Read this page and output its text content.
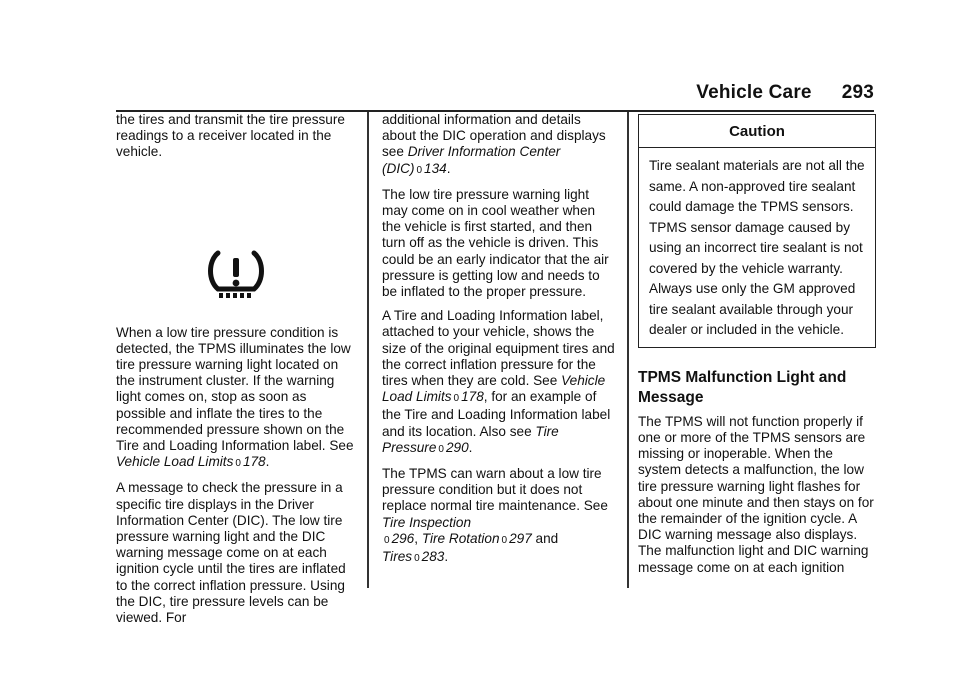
Vehicle Care 293

the tires and transmit the tire pressure readings to a receiver located in the vehicle.

When a low tire pressure condition is detected, the TPMS illuminates the low tire pressure warning light located on the instrument cluster. If the warning light comes on, stop as soon as possible and inflate the tires to the recommended pressure shown on the Tire and Loading Information label. See Vehicle Load Limits 0 178.

A message to check the pressure in a specific tire displays in the Driver Information Center (DIC). The low tire pressure warning light and the DIC warning message come on at each ignition cycle until the tires are inflated to the correct inflation pressure. Using the DIC, tire pressure levels can be viewed. For

additional information and details about the DIC operation and displays see Driver Information Center (DIC) 0 134.

The low tire pressure warning light may come on in cool weather when the vehicle is first started, and then turn off as the vehicle is driven. This could be an early indicator that the air pressure is getting low and needs to be inflated to the proper pressure.

A Tire and Loading Information label, attached to your vehicle, shows the size of the original equipment tires and the correct inflation pressure for the tires when they are cold. See Vehicle Load Limits 0 178, for an example of the Tire and Loading Information label and its location. Also see Tire Pressure 0 290.

The TPMS can warn about a low tire pressure condition but it does not replace normal tire maintenance. See Tire Inspection
0 296, Tire Rotation 0 297 and Tires 0 283.

Caution
Tire sealant materials are not all the same. A non-approved tire sealant could damage the TPMS sensors. TPMS sensor damage caused by using an incorrect tire sealant is not covered by the vehicle warranty. Always use only the GM approved tire sealant available through your dealer or included in the vehicle.
TPMS Malfunction Light and Message

The TPMS will not function properly if one or more of the TPMS sensors are missing or inoperable. When the system detects a malfunction, the low tire pressure warning light flashes for about one minute and then stays on for the remainder of the ignition cycle. A DIC warning message also displays. The malfunction light and DIC warning message come on at each ignition
